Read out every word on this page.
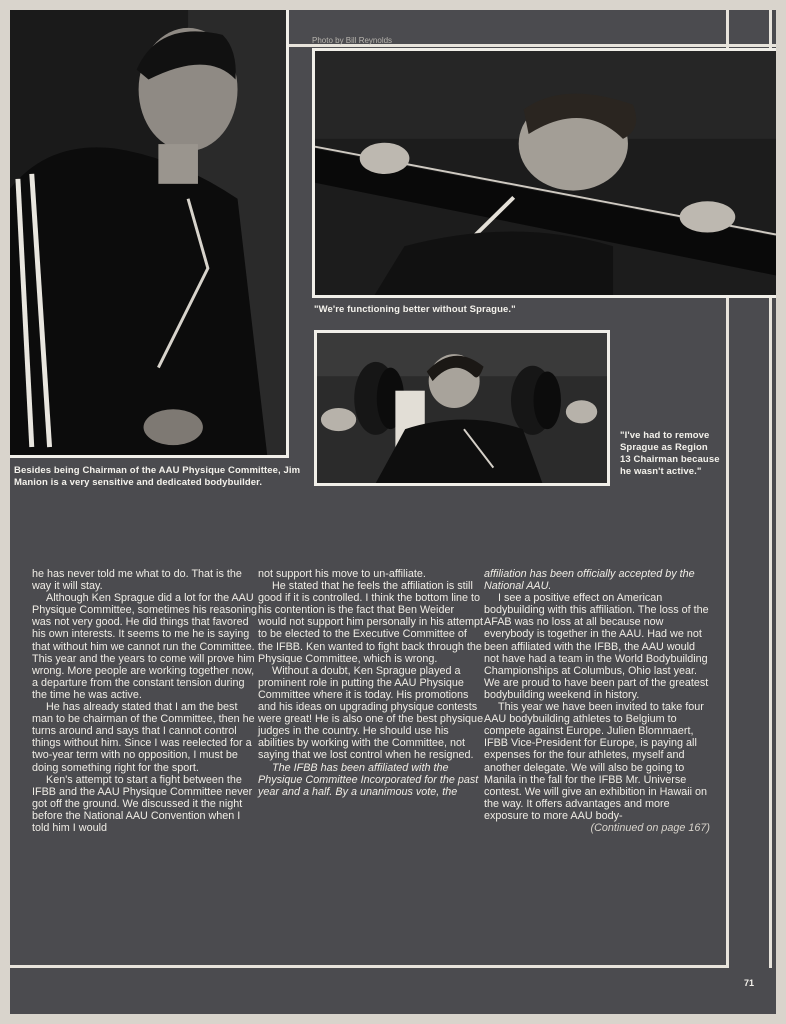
Photo by Bill Reynolds
"We're functioning better without Sprague."
"I've had to remove Sprague as Region 13 Chairman because he wasn't active."
Besides being Chairman of the AAU Physique Committee, Jim Manion is a very sensitive and dedicated bodybuilder.

he has never told me what to do. That is the way it will stay.

Although Ken Sprague did a lot for the AAU Physique Committee, sometimes his reasoning was not very good. He did things that favored his own interests. It seems to me he is saying that without him we cannot run the Committee. This year and the years to come will prove him wrong. More people are working together now, a departure from the constant tension during the time he was active.

He has already stated that I am the best man to be chairman of the Committee, then he turns around and says that I cannot control things without him. Since I was reelected for a two-year term with no opposition, I must be doing something right for the sport.

Ken's attempt to start a fight between the IFBB and the AAU Physique Committee never got off the ground. We discussed it the night before the National AAU Convention when I told him I would

not support his move to un-affiliate.

He stated that he feels the affiliation is still good if it is controlled. I think the bottom line to his contention is the fact that Ben Weider would not support him personally in his attempt to be elected to the Executive Committee of the IFBB. Ken wanted to fight back through the Physique Committee, which is wrong.

Without a doubt, Ken Sprague played a prominent role in putting the AAU Physique Committee where it is today. His promotions and his ideas on upgrading physique contests were great! He is also one of the best physique judges in the country. He should use his abilities by working with the Committee, not saying that we lost control when he resigned.

The IFBB has been affiliated with the Physique Committee Incorporated for the past year and a half. By a unanimous vote, the

affiliation has been officially accepted by the National AAU.

I see a positive effect on American bodybuilding with this affiliation. The loss of the AFAB was no loss at all because now everybody is together in the AAU. Had we not been affiliated with the IFBB, the AAU would not have had a team in the World Bodybuilding Championships at Columbus, Ohio last year. We are proud to have been part of the greatest bodybuilding weekend in history.

This year we have been invited to take four AAU bodybuilding athletes to Belgium to compete against Europe. Julien Blommaert, IFBB Vice-President for Europe, is paying all expenses for the four athletes, myself and another delegate. We will also be going to Manila in the fall for the IFBB Mr. Universe contest. We will give an exhibition in Hawaii on the way. It offers advantages and more exposure to more AAU body-

(Continued on page 167)

71
